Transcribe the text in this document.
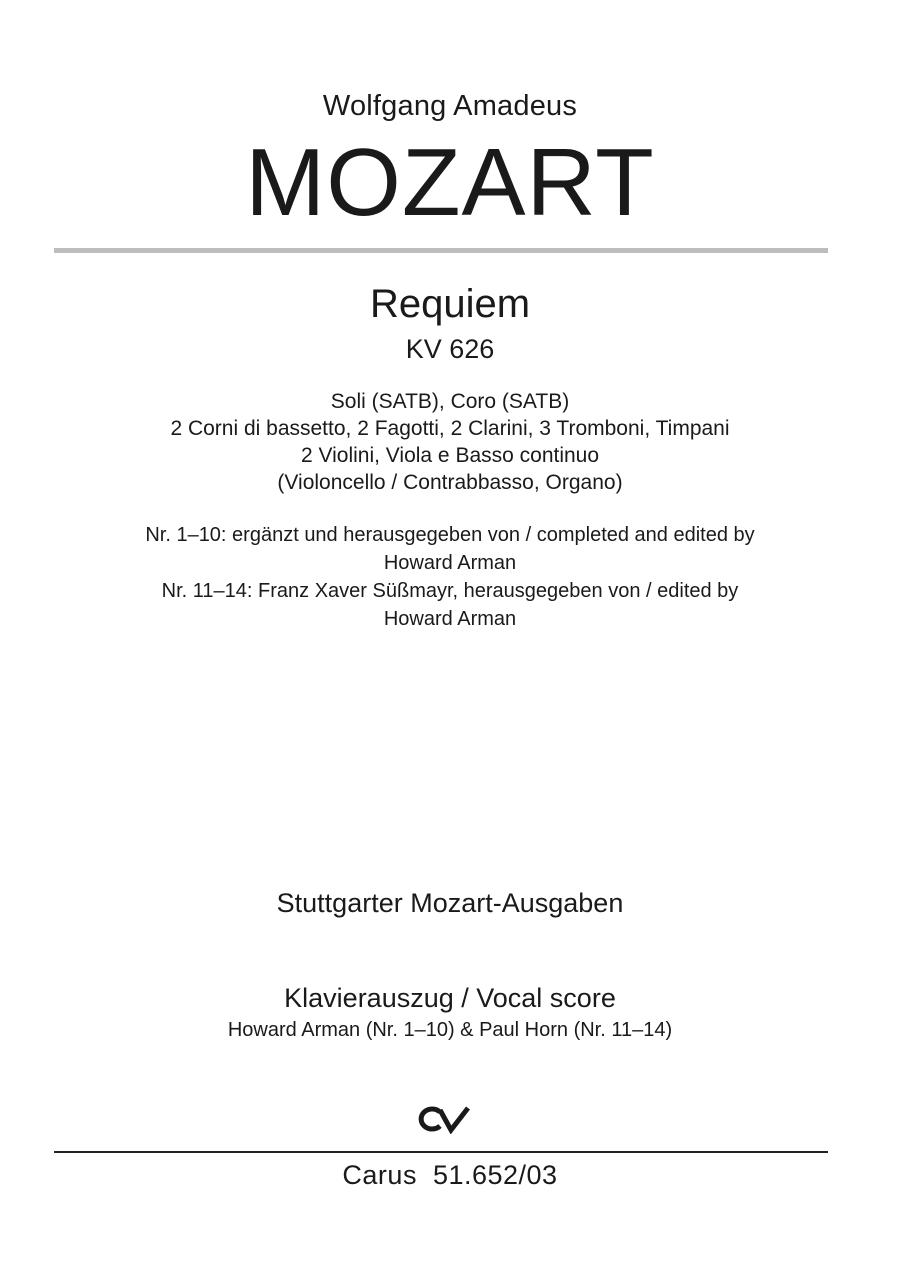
Wolfgang Amadeus
MOZART
Requiem
KV 626
Soli (SATB), Coro (SATB)
2 Corni di bassetto, 2 Fagotti, 2 Clarini, 3 Tromboni, Timpani
2 Violini, Viola e Basso continuo
(Violoncello / Contrabbasso, Organo)
Nr. 1–10: ergänzt und herausgegeben von / completed and edited by
Howard Arman
Nr. 11–14: Franz Xaver Süßmayr, herausgegeben von / edited by
Howard Arman
Stuttgarter Mozart-Ausgaben
Klavierauszug / Vocal score
Howard Arman (Nr. 1–10) & Paul Horn (Nr. 11–14)
Carus  51.652/03
